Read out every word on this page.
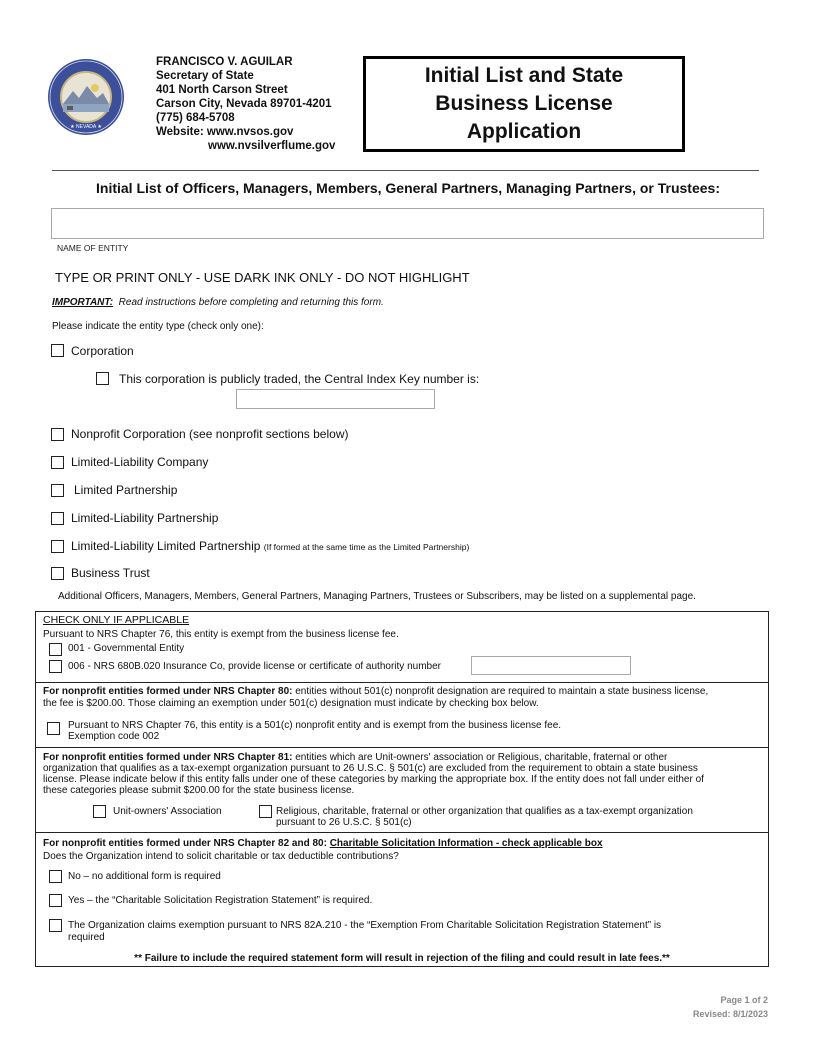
★ NEVADA ★
FRANCISCO V. AGUILAR
Secretary of State
401 North Carson Street
Carson City, Nevada 89701-4201
(775) 684-5708
Website: www.nvsos.gov
www.nvsilverflume.gov
Initial List and State
Business License
Application
Initial List of Officers, Managers, Members, General Partners, Managing Partners, or Trustees:
NAME OF ENTITY
TYPE OR PRINT ONLY - USE DARK INK ONLY - DO NOT HIGHLIGHT
IMPORTANT: Read instructions before completing and returning this form.
Please indicate the entity type (check only one):
Corporation
This corporation is publicly traded, the Central Index Key number is:
Nonprofit Corporation (see nonprofit sections below)
Limited-Liability Company
Limited Partnership
Limited-Liability Partnership
Limited-Liability Limited Partnership (If formed at the same time as the Limited Partnership)
Business Trust
Additional Officers, Managers, Members, General Partners, Managing Partners, Trustees or Subscribers, may be listed on a supplemental page.
CHECK ONLY IF APPLICABLE
Pursuant to NRS Chapter 76, this entity is exempt from the business license fee.
001 - Governmental Entity
006 - NRS 680B.020 Insurance Co, provide license or certificate of authority number
For nonprofit entities formed under NRS Chapter 80: entities without 501(c) nonprofit designation are required to maintain a state business license,
the fee is $200.00. Those claiming an exemption under 501(c) designation must indicate by checking box below.
Pursuant to NRS Chapter 76, this entity is a 501(c) nonprofit entity and is exempt from the business license fee.
Exemption code 002
For nonprofit entities formed under NRS Chapter 81: entities which are Unit-owners' association or Religious, charitable, fraternal or other
organization that qualifies as a tax-exempt organization pursuant to 26 U.S.C. § 501(c) are excluded from the requirement to obtain a state business
license. Please indicate below if this entity falls under one of these categories by marking the appropriate box. If the entity does not fall under either of
these categories please submit $200.00 for the state business license.
Unit-owners' Association	Religious, charitable, fraternal or other organization that qualifies as a tax-exempt organization
pursuant to 26 U.S.C. § 501(c)
For nonprofit entities formed under NRS Chapter 82 and 80: Charitable Solicitation Information - check applicable box
Does the Organization intend to solicit charitable or tax deductible contributions?
No – no additional form is required
Yes – the “Charitable Solicitation Registration Statement” is required.
The Organization claims exemption pursuant to NRS 82A.210 - the “Exemption From Charitable Solicitation Registration Statement” is
required
** Failure to include the required statement form will result in rejection of the filing and could result in late fees.**
Page 1 of 2
Revised: 8/1/2023
